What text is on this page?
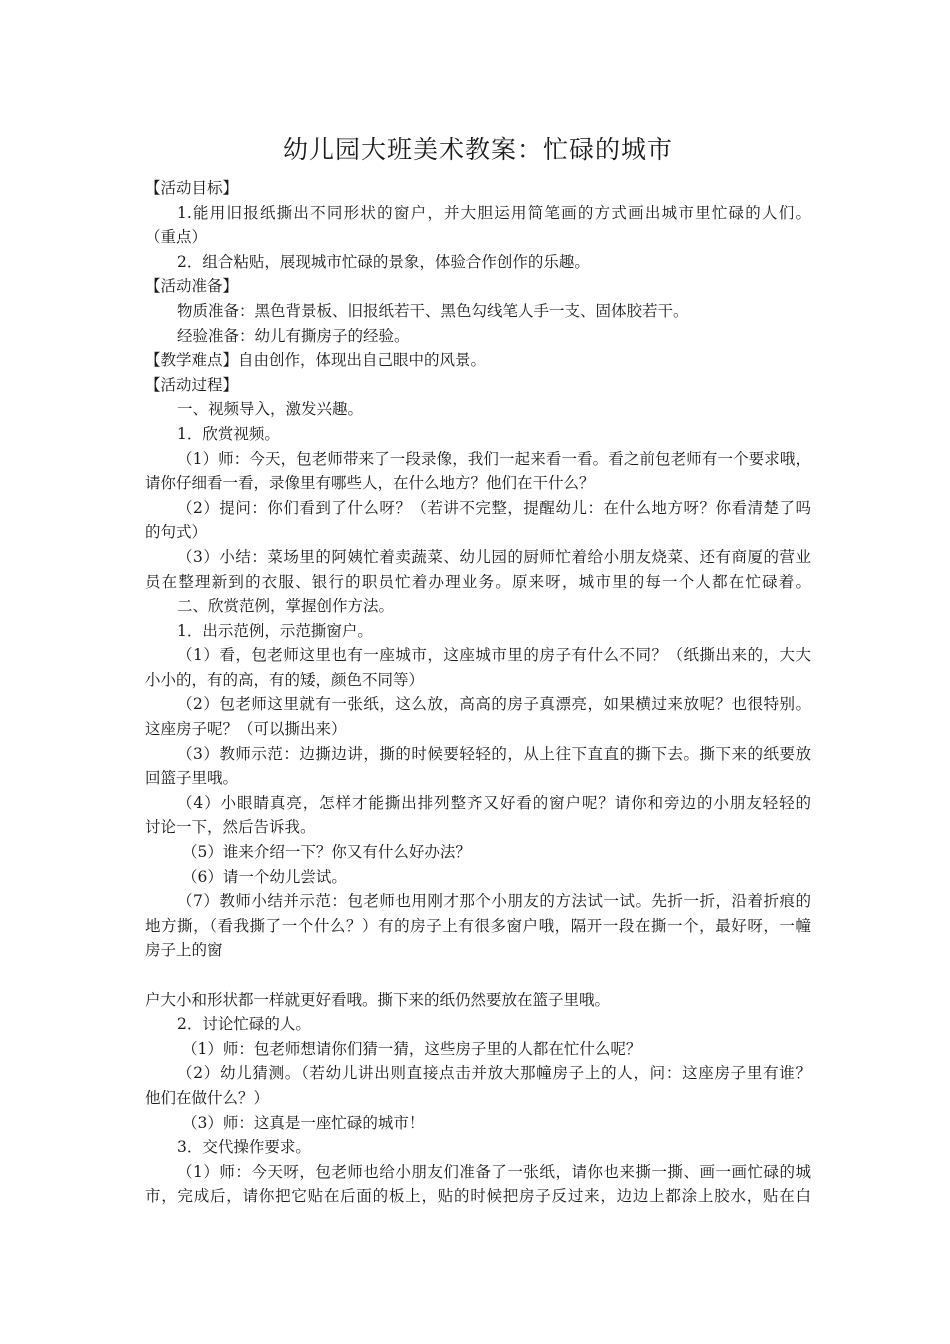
幼儿园大班美术教案：忙碌的城市
【活动目标】
1.能用旧报纸撕出不同形状的窗户，并大胆运用简笔画的方式画出城市里忙碌的人们。
（重点）
2．组合粘贴，展现城市忙碌的景象，体验合作创作的乐趣。
【活动准备】
物质准备：黑色背景板、旧报纸若干、黑色勾线笔人手一支、固体胶若干。
经验准备：幼儿有撕房子的经验。
【教学难点】自由创作，体现出自己眼中的风景。
【活动过程】
一、视频导入，激发兴趣。
1．欣赏视频。
（1）师：今天，包老师带来了一段录像，我们一起来看一看。看之前包老师有一个要求哦，
请你仔细看一看，录像里有哪些人，在什么地方？他们在干什么？
（2）提问：你们看到了什么呀？（若讲不完整，提醒幼儿：在什么地方呀？你看清楚了吗
的句式）
（3）小结：菜场里的阿姨忙着卖蔬菜、幼儿园的厨师忙着给小朋友烧菜、还有商厦的营业
员在整理新到的衣服、银行的职员忙着办理业务。原来呀，城市里的每一个人都在忙碌着。
二、欣赏范例，掌握创作方法。
1．出示范例，示范撕窗户。
（1）看，包老师这里也有一座城市，这座城市里的房子有什么不同？（纸撕出来的，大大
小小的，有的高，有的矮，颜色不同等）
（2）包老师这里就有一张纸，这么放，高高的房子真漂亮，如果横过来放呢？也很特别。
这座房子呢？（可以撕出来）
（3）教师示范：边撕边讲，撕的时候要轻轻的，从上往下直直的撕下去。撕下来的纸要放
回篮子里哦。
（4）小眼睛真亮，怎样才能撕出排列整齐又好看的窗户呢？请你和旁边的小朋友轻轻的
讨论一下，然后告诉我。
（5）谁来介绍一下？你又有什么好办法？
（6）请一个幼儿尝试。
（7）教师小结并示范：包老师也用刚才那个小朋友的方法试一试。先折一折，沿着折痕的
地方撕，（看我撕了一个什么？）有的房子上有很多窗户哦，隔开一段在撕一个，最好呀，一幢
房子上的窗
户大小和形状都一样就更好看哦。撕下来的纸仍然要放在篮子里哦。
2．讨论忙碌的人。
（1）师：包老师想请你们猜一猜，这些房子里的人都在忙什么呢？
（2）幼儿猜测。（若幼儿讲出则直接点击并放大那幢房子上的人，问：这座房子里有谁？
他们在做什么？）
（3）师：这真是一座忙碌的城市！
3．交代操作要求。
（1）师：今天呀，包老师也给小朋友们准备了一张纸，请你也来撕一撕、画一画忙碌的城
市，完成后，请你把它贴在后面的板上，贴的时候把房子反过来，边边上都涂上胶水，贴在白
